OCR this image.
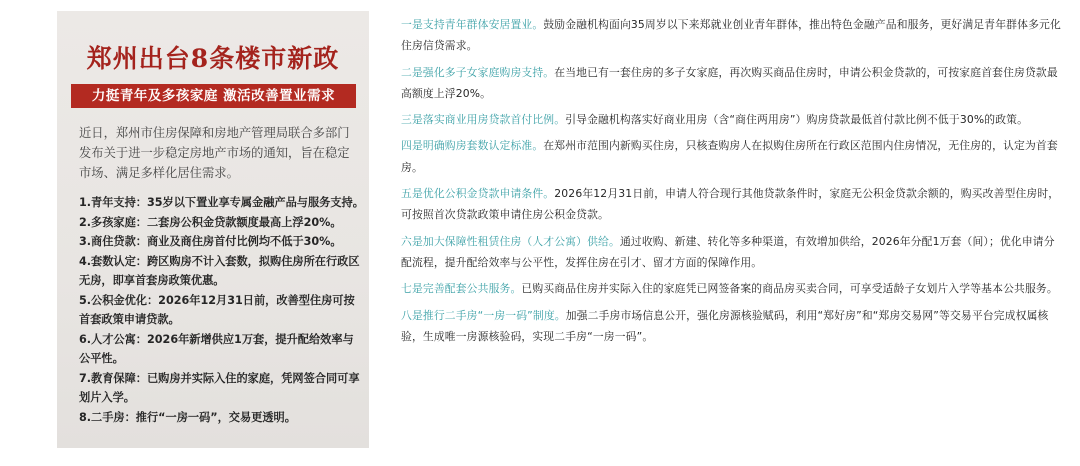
郑州出台8条楼市新政
力挺青年及多孩家庭 激活改善置业需求
近日，郑州市住房保障和房地产管理局联合多部门发布关于进一步稳定房地产市场的通知，旨在稳定市场、满足多样化居住需求。
1.青年支持：35岁以下置业享专属金融产品与服务支持。
2.多孩家庭：二套房公积金贷款额度最高上浮20%。
3.商住贷款：商业及商住房首付比例均不低于30%。
4.套数认定：跨区购房不计入套数，拟购住房所在行政区无房，即享首套房政策优惠。
5.公积金优化：2026年12月31日前，改善型住房可按首套政策申请贷款。
6.人才公寓：2026年新增供应1万套，提升配给效率与公平性。
7.教育保障：已购房并实际入住的家庭，凭网签合同可享划片入学。
8.二手房：推行“一房一码”，交易更透明。

一是支持青年群体安居置业。鼓励金融机构面向35周岁以下来郑就业创业青年群体，推出特色金融产品和服务，更好满足青年群体多元化住房信贷需求。

二是强化多子女家庭购房支持。在当地已有一套住房的多子女家庭，再次购买商品住房时，申请公积金贷款的，可按家庭首套住房贷款最高额度上浮20%。

三是落实商业用房贷款首付比例。引导金融机构落实好商业用房（含“商住两用房”）购房贷款最低首付款比例不低于30%的政策。

四是明确购房套数认定标准。在郑州市范围内新购买住房，只核查购房人在拟购住房所在行政区范围内住房情况，无住房的，认定为首套房。

五是优化公积金贷款申请条件。2026年12月31日前，申请人符合现行其他贷款条件时，家庭无公积金贷款余额的，购买改善型住房时，可按照首次贷款政策申请住房公积金贷款。

六是加大保障性租赁住房（人才公寓）供给。通过收购、新建、转化等多种渠道，有效增加供给，2026年分配1万套（间）；优化申请分配流程，提升配给效率与公平性，发挥住房在引才、留才方面的保障作用。

七是完善配套公共服务。已购买商品住房并实际入住的家庭凭已网签备案的商品房买卖合同，可享受适龄子女划片入学等基本公共服务。

八是推行二手房“一房一码”制度。加强二手房市场信息公开，强化房源核验赋码，利用“郑好房”和“郑房交易网”等交易平台完成权属核验，生成唯一房源核验码，实现二手房“一房一码”。
